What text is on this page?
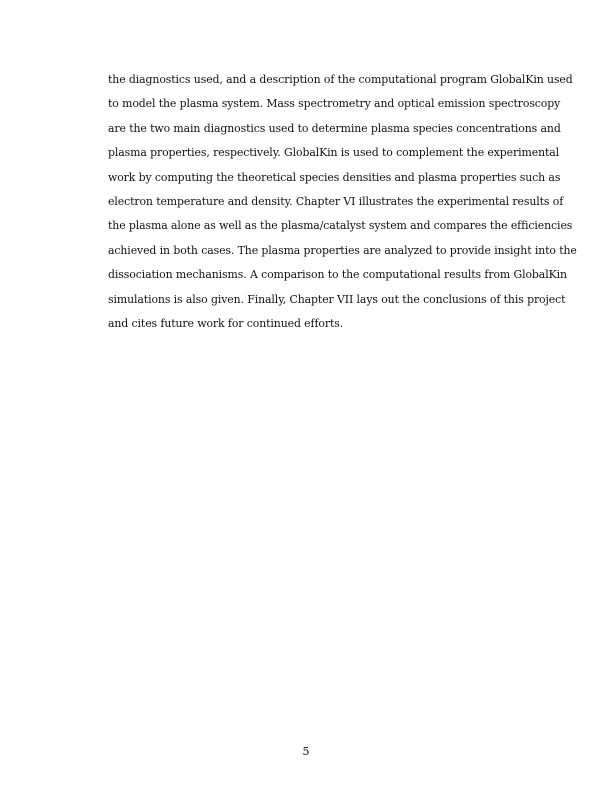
the diagnostics used, and a description of the computational program GlobalKin used
to model the plasma system. Mass spectrometry and optical emission spectroscopy
are the two main diagnostics used to determine plasma species concentrations and
plasma properties, respectively. GlobalKin is used to complement the experimental
work by computing the theoretical species densities and plasma properties such as
electron temperature and density. Chapter VI illustrates the experimental results of
the plasma alone as well as the plasma/catalyst system and compares the efficiencies
achieved in both cases. The plasma properties are analyzed to provide insight into the
dissociation mechanisms. A comparison to the computational results from GlobalKin
simulations is also given. Finally, Chapter VII lays out the conclusions of this project
and cites future work for continued efforts.
5
